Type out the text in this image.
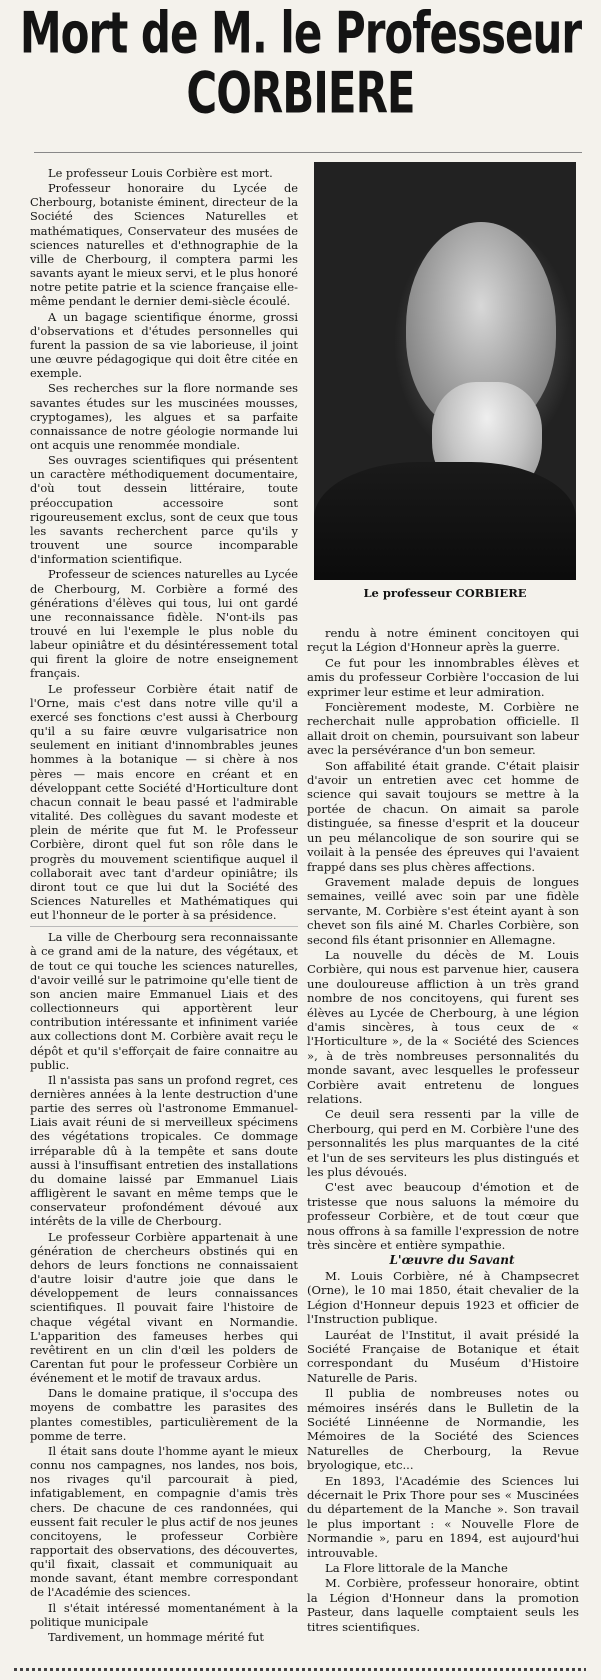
Mort de M. le Professeur
CORBIERE
Le professeur CORBIERE

Le professeur Louis Corbière est mort.

Professeur honoraire du Lycée de Cherbourg, botaniste éminent, directeur de la Société des Sciences Naturelles et mathématiques, Conservateur des musées de sciences naturelles et d'ethnographie de la ville de Cherbourg, il comptera parmi les savants ayant le mieux servi, et le plus honoré notre petite patrie et la science française elle-même pendant le dernier demi-siècle écoulé.

A un bagage scientifique énorme, grossi d'observations et d'études personnelles qui furent la passion de sa vie laborieuse, il joint une œuvre pédagogique qui doit être citée en exemple.

Ses recherches sur la flore normande ses savantes études sur les muscinées mousses, cryptogames), les algues et sa parfaite connaissance de notre géologie normande lui ont acquis une renommée mondiale.

Ses ouvrages scientifiques qui présentent un caractère méthodiquement documentaire, d'où tout dessein littéraire, toute préoccupation accessoire sont rigoureusement exclus, sont de ceux que tous les savants recherchent parce qu'ils y trouvent une source incomparable d'information scientifique.

Professeur de sciences naturelles au Lycée de Cherbourg, M. Corbière a formé des générations d'élèves qui tous, lui ont gardé une reconnaissance fidèle. N'ont-ils pas trouvé en lui l'exemple le plus noble du labeur opiniâtre et du désintéressement total qui firent la gloire de notre enseignement français.

Le professeur Corbière était natif de l'Orne, mais c'est dans notre ville qu'il a exercé ses fonctions c'est aussi à Cherbourg qu'il a su faire œuvre vulgarisatrice non seulement en initiant d'innombrables jeunes hommes à la botanique — si chère à nos pères — mais encore en créant et en développant cette Société d'Horticulture dont chacun connait le beau passé et l'admirable vitalité. Des collègues du savant modeste et plein de mérite que fut M. le Professeur Corbière, diront quel fut son rôle dans le progrès du mouvement scientifique auquel il collaborait avec tant d'ardeur opiniâtre; ils diront tout ce que lui dut la Société des Sciences Naturelles et Mathématiques qui eut l'honneur de le porter à sa présidence.

La ville de Cherbourg sera reconnaissante à ce grand ami de la nature, des végétaux, et de tout ce qui touche les sciences naturelles, d'avoir veillé sur le patrimoine qu'elle tient de son ancien maire Emmanuel Liais et des collectionneurs qui apportèrent leur contribution intéressante et infiniment variée aux collections dont M. Corbière avait reçu le dépôt et qu'il s'efforçait de faire connaitre au public.

Il n'assista pas sans un profond regret, ces dernières années à la lente destruction d'une partie des serres où l'astronome Emmanuel-Liais avait réuni de si merveilleux spécimens des végétations tropicales. Ce dommage irréparable dû à la tempête et sans doute aussi à l'insuffisant entretien des installations du domaine laissé par Emmanuel Liais affligèrent le savant en même temps que le conservateur profondément dévoué aux intérêts de la ville de Cherbourg.

Le professeur Corbière appartenait à une génération de chercheurs obstinés qui en dehors de leurs fonctions ne connaissaient d'autre loisir d'autre joie que dans le développement de leurs connaissances scientifiques. Il pouvait faire l'histoire de chaque végétal vivant en Normandie. L'apparition des fameuses herbes qui revêtirent en un clin d'œil les polders de Carentan fut pour le professeur Corbière un événement et le motif de travaux ardus.

Dans le domaine pratique, il s'occupa des moyens de combattre les parasites des plantes comestibles, particulièrement de la pomme de terre.

Il était sans doute l'homme ayant le mieux connu nos campagnes, nos landes, nos bois, nos rivages qu'il parcourait à pied, infatigablement, en compagnie d'amis très chers. De chacune de ces randonnées, qui eussent fait reculer le plus actif de nos jeunes concitoyens, le professeur Corbière rapportait des observations, des découvertes, qu'il fixait, classait et communiquait au monde savant, étant membre correspondant de l'Académie des sciences.

Il s'était intéressé momentanément à la politique municipale

Tardivement, un hommage mérité fut

rendu à notre éminent concitoyen qui reçut la Légion d'Honneur après la guerre.

Ce fut pour les innombrables élèves et amis du professeur Corbière l'occasion de lui exprimer leur estime et leur admiration.

Foncièrement modeste, M. Corbière ne recherchait nulle approbation officielle. Il allait droit on chemin, poursuivant son labeur avec la persévérance d'un bon semeur.

Son affabilité était grande. C'était plaisir d'avoir un entretien avec cet homme de science qui savait toujours se mettre à la portée de chacun. On aimait sa parole distinguée, sa finesse d'esprit et la douceur un peu mélancolique de son sourire qui se voilait à la pensée des épreuves qui l'avaient frappé dans ses plus chères affections.

Gravement malade depuis de longues semaines, veillé avec soin par une fidèle servante, M. Corbière s'est éteint ayant à son chevet son fils ainé M. Charles Corbière, son second fils étant prisonnier en Allemagne.

La nouvelle du décès de M. Louis Corbière, qui nous est parvenue hier, causera une douloureuse affliction à un très grand nombre de nos concitoyens, qui furent ses élèves au Lycée de Cherbourg, à une légion d'amis sincères, à tous ceux de « l'Horticulture », de la « Société des Sciences », à de très nombreuses personnalités du monde savant, avec lesquelles le professeur Corbière avait entretenu de longues relations.

Ce deuil sera ressenti par la ville de Cherbourg, qui perd en M. Corbière l'une des personnalités les plus marquantes de la cité et l'un de ses serviteurs les plus distingués et les plus dévoués.

C'est avec beaucoup d'émotion et de tristesse que nous saluons la mémoire du professeur Corbière, et de tout cœur que nous offrons à sa famille l'expression de notre très sincère et entière sympathie.

L'œuvre du Savant

M. Louis Corbière, né à Champsecret (Orne), le 10 mai 1850, était chevalier de la Légion d'Honneur depuis 1923 et officier de l'Instruction publique.

Lauréat de l'Institut, il avait présidé la Société Française de Botanique et était correspondant du Muséum d'Histoire Naturelle de Paris.

Il publia de nombreuses notes ou mémoires insérés dans le Bulletin de la Société Linnéenne de Normandie, les Mémoires de la Société des Sciences Naturelles de Cherbourg, la Revue bryologique, etc...

En 1893, l'Académie des Sciences lui décernait le Prix Thore pour ses « Muscinées du département de la Manche ». Son travail le plus important : « Nouvelle Flore de Normandie », paru en 1894, est aujourd'hui introuvable.

La Flore littorale de la Manche

M. Corbière, professeur honoraire, obtint la Légion d'Honneur dans la promotion Pasteur, dans laquelle comptaient seuls les titres scientifiques.
